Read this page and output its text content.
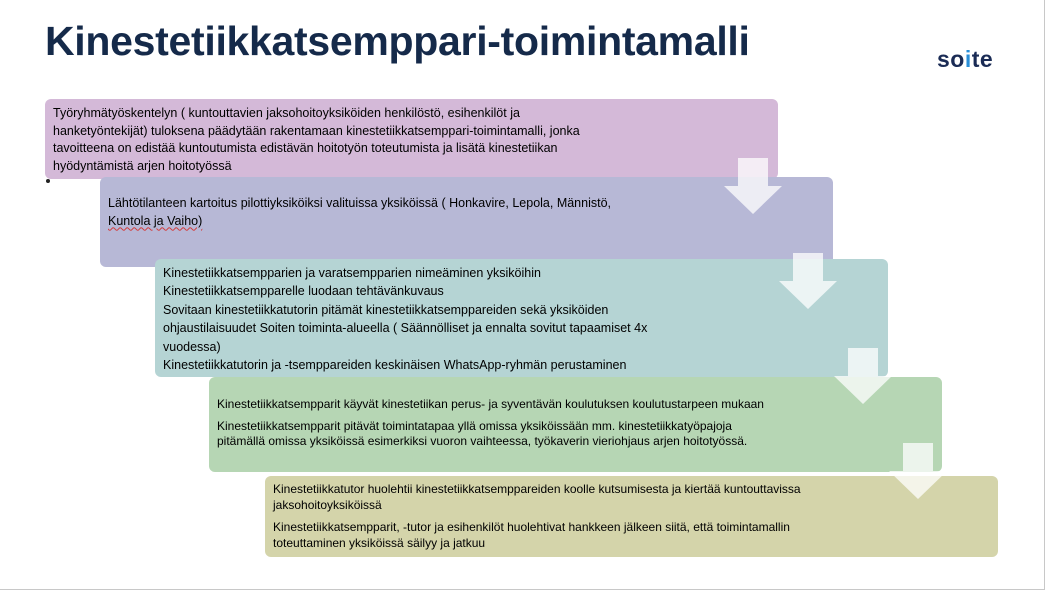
Kinestetiikkatsemppari-toimintamalli	soite

Työryhmätyöskentelyn ( kuntouttavien jaksohoitoyksiköiden henkilöstö, esihenkilöt ja

hanketyöntekijät) tuloksena päädytään rakentamaan kinestetiikkatsemppari-toimintamalli, jonka

tavoitteena on edistää kuntoutumista edistävän hoitotyön toteutumista ja lisätä kinestetiikan

hyödyntämistä arjen hoitotyössä

Lähtötilanteen kartoitus pilottiyksiköiksi valituissa yksiköissä ( Honkavire, Lepola, Männistö,

Kuntola ja Vaiho)

Kinestetiikkatsempparien ja varatsempparien nimeäminen yksiköihin

Kinestetiikkatsempparelle luodaan tehtävänkuvaus

Sovitaan kinestetiikkatutorin pitämät kinestetiikkatsemppareiden sekä yksiköiden

ohjaustilaisuudet Soiten toiminta-alueella ( Säännölliset ja ennalta sovitut tapaamiset 4x

vuodessa)

Kinestetiikkatutorin ja -tsemppareiden keskinäisen WhatsApp-ryhmän perustaminen

Kinestetiikkatsempparit käyvät kinestetiikan perus- ja syventävän koulutuksen koulutustarpeen mukaan

Kinestetiikkatsempparit pitävät toimintatapaa yllä omissa yksiköissään mm. kinestetiikkatyöpajoja

pitämällä omissa yksiköissä esimerkiksi vuoron vaihteessa, työkaverin vieriohjaus arjen hoitotyössä.

Kinestetiikkatutor huolehtii kinestetiikkatsemppareiden koolle kutsumisesta ja kiertää kuntouttavissa

jaksohoitoyksiköissä

Kinestetiikkatsempparit, -tutor ja esihenkilöt huolehtivat hankkeen jälkeen siitä, että toimintamallin

toteuttaminen yksiköissä säilyy ja jatkuu
